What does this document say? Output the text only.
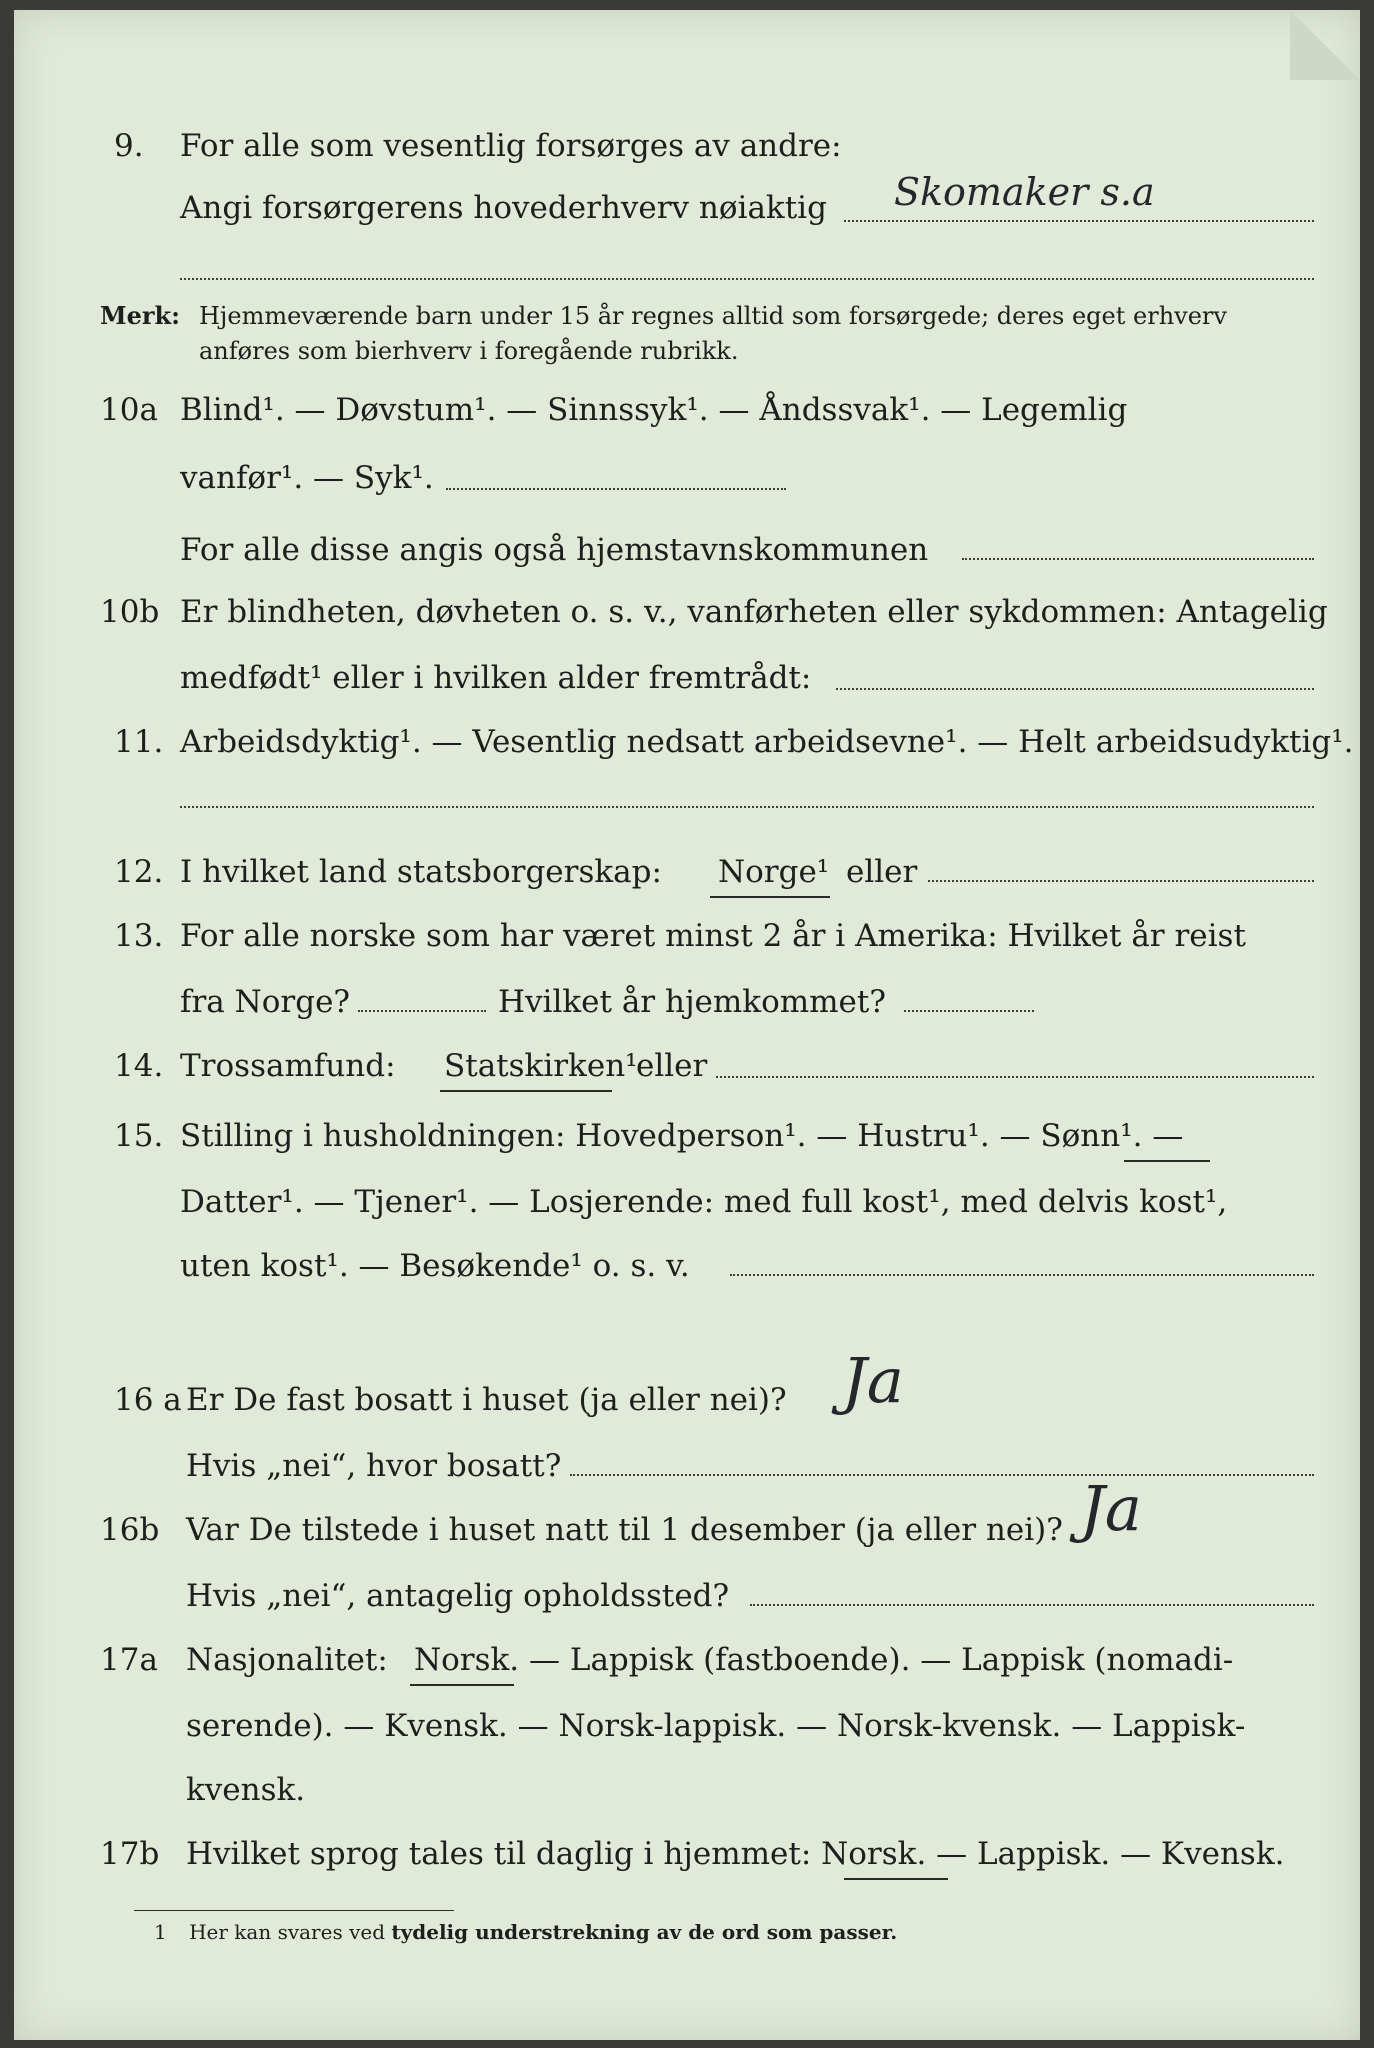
9. For alle som vesentlig forsørges av andre:
Angi forsørgerens hovederhverv nøiaktig Skomaker s.a
Merk: Hjemmeværende barn under 15 år regnes alltid som forsørgede; deres eget erhverv
anføres som bierhverv i foregående rubrikk.
10a Blind¹. — Døvstum¹. — Sinnssyk¹. — Åndssvak¹. — Legemlig
vanfør¹. — Syk¹.
For alle disse angis også hjemstavnskommunen
10b Er blindheten, døvheten o. s. v., vanførheten eller sykdommen: Antagelig
medfødt¹ eller i hvilken alder fremtrådt:
11. Arbeidsdyktig¹. — Vesentlig nedsatt arbeidsevne¹. — Helt arbeidsudyktig¹.
12. I hvilket land statsborgerskap: Norge¹ eller
13. For alle norske som har været minst 2 år i Amerika: Hvilket år reist
fra Norge?	Hvilket år hjemkommet?
14. Trossamfund: Statskirken¹
eller
15. Stilling i husholdningen: Hovedperson¹. — Hustru¹. — Sønn¹. —
Datter¹. — Tjener¹. — Losjerende: med full kost¹, med delvis kost¹,
uten kost¹. — Besøkende¹ o. s. v.
16 a Er De fast bosatt i huset (ja eller nei)? Ja
Hvis „nei“, hvor bosatt?
16b Var De tilstede i huset natt til 1 desember (ja eller nei)? Ja
Hvis „nei“, antagelig opholdssted?
17a Nasjonalitet: Norsk. — Lappisk (fastboende). — Lappisk (nomadi-
serende). — Kvensk. — Norsk-lappisk. — Norsk-kvensk. — Lappisk-
kvensk.
17b Hvilket sprog tales til daglig i hjemmet: Norsk. — Lappisk. — Kvensk.
1 Her kan svares ved tydelig understrekning av de ord som passer.
